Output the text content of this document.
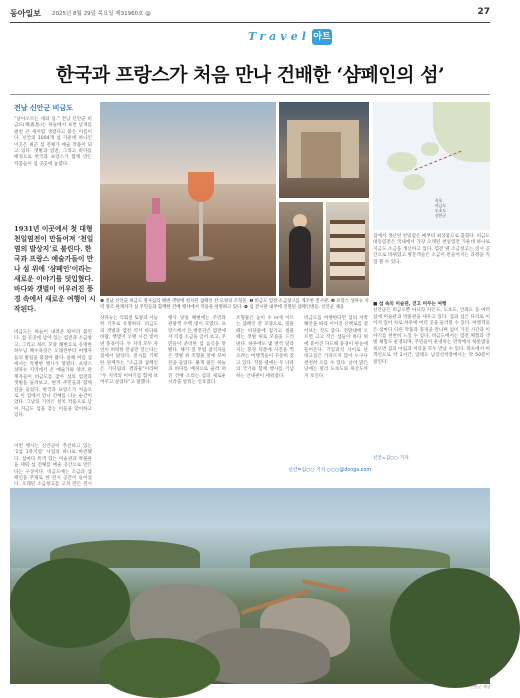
동아일보 2025년 8월 29일 목요일 제31960호 @	27
Travel 아트
한국과 프랑스가 처음 만나 건배한 ‘샴페인의 섬’
전남 신안군 비금도
“날아오르는 새의 섬.” 전남 신안군 비금도(飛禽島)는 하늘에서 보면 날개를 펼친 큰 새처럼 생겼다고 붙은 이름이다. 신안의 1004개 섬 가운데 하나인 이곳은 최근 섬 전체가 예술 작품이 되고 있다. 갯벌과 염전, 그리고 바다를 배경으로 한국과 프랑스가 함께 만든 작품들이 섬 곳곳에 놓였다.
1931년 이곳에서 첫 대형 천일염전이 만들어져 ‘천일염의 발상지’로 불린다. 한국과 프랑스 예술가들이 만나 섬 위에 ‘샴페인’이라는 새로운 이야기를 덧입혔다. 바다와 갯벌이 어우러진 풍경 속에서 새로운 여행이 시작된다.
비금도는 하늘이 내려준 땅이라 불린다. 섬 곳곳에 남아 있는 염전과 소금창고, 그리고 하트 모양 해변으로 유명한 하누넘 해수욕장은 오래전부터 여행자들의 발길을 붙잡아 왔다. 올해 여름 섬에서는 특별한 행사가 열렸다. 프랑스 샹파뉴 지역에서 온 예술가와 양조 관계자들이 비금도를 찾아 섬의 염전과 갯벌을 둘러보고, 현지 주민들과 함께 잔을 들었다. 한국과 프랑스가 처음으로 이 섬에서 만나 건배를 나눈 순간이었다. 그날의 기억은 설치 작품으로 남아 지금도 섬을 찾는 이들을 맞이하고 있다.
목포
비금도
도초도
신안군
섬에서 생산된 천일염은 예부터 최상품으로 꼽혔다. 비금도 대동염전은 국내에서 가장 오래된 천일염전 가운데 하나로 지금도 소금을 생산하고 있다. 염전 옆 소금창고는 전시 공간으로 바뀌었고 방문객들은 소금이 만들어지는 과정을 직접 볼 수 있다.
❶ 전남 신안군 비금도 명사십리 해변 갯벌에 설치된 샴페인 잔 모양의 조형물. ❷ 비금도 염전 소금창고를 개조한 전시관. ❸ 프랑스 샹파뉴 지역 양조 관계자가 섬 주민들과 함께한 건배 행사에서 작품을 설명하고 있다. ❹ 섬 전시관 내부에 진열된 샴페인병들. 신안군 제공
이번 행사는 신안군이 추진하고 있는 ‘1섬 1뮤지엄’ 사업의 하나로 마련됐다. 섬마다 특색 있는 미술관과 박물관을 세워 섬 전체를 예술 공간으로 만든다는 구상이다. 비금도에는 소금과 샴페인을 주제로 한 전시 공간이 들어섰다. 오래된 소금창고를 고쳐 만든 전시
샹파뉴는 석회질 토양과 서늘한 기후로 유명하다. 비금도의 갯벌과 염전 역시 바다와 바람, 햇볕이 오랜 시간 빚어낸 풍경이다. 두 지역 모두 자연이 허락한 만큼만 얻는다는 점에서 닮았다. 전시를 기획한 관계자는 “소금과 샴페인은 기다림의 결과물”이라며 “두 지역의 이야기를 함께 보여주고 싶었다”고 말했다.
행사 당일 해변에는 주민과 관광객 수백 명이 모였다. 프랑스에서 온 방문단은 염전에서 직접 소금을 긁어 보고, 주민들이 준비한 섬 음식을 맛봤다. 해가 질 무렵 참석자들은 갯벌 위 조형물 앞에 모여 잔을 들었다. 붉게 물든 하늘과 바다를 배경으로 울려 퍼진 건배 소리는 섬의 새로운 시작을 알리는 신호였다.
조형물은 높이 수 m에 이르는 샴페인 잔 모양으로, 밀물 때는 바닷물에 잠기고 썰물 때는 갯벌 위로 모습을 드러낸다. 하루에도 몇 번씩 달라지는 풍경 덕분에 사진을 찍으려는 여행객들이 꾸준히 찾고 있다. 작품 옆에는 두 나라의 국기와 함께 행사를 기념하는 안내판이 세워졌다.
비금도를 여행한다면 섬의 서쪽 해안을 따라 이어진 산책로를 걸어보는 것도 좋다. 전망대에 오르면 크고 작은 섬들이 바다 위에 흩어진 다도해 풍경이 한눈에 들어온다. 기암괴석 사이로 난 데크길은 가파르지 않아 누구나 천천히 오를 수 있다. 날이 맑은 날에는 멀리 도초도와 흑산도까지 보인다.
신안=김○○ 기자 ○○○@donga.com
■ 섬 속의 미술관, 걷고 머무는 여행
신안군은 비금도뿐 아니라 자은도, 도초도, 안좌도 등 여러 섬에 미술관과 박물관을 세우고 있다. 섬과 섬은 다리로 이어져 있어 차로 하루에 여러 곳을 둘러볼 수 있다. 여행객들은 섬마다 다른 작품과 풍경을 만나며 섬이 가진 시간과 이야기를 천천히 느낄 수 있다. 비금도에서는 염전 체험과 갯벌 체험도 운영되며, 주민들이 운영하는 민박에서 하룻밤을 묵으면 섬의 아침과 저녁을 모두 만날 수 있다. 목포에서 여객선으로 약 2시간, 암태도 남강선착장에서는 약 50분이 걸린다.
신안=김○○ 기자
신안군 제공
